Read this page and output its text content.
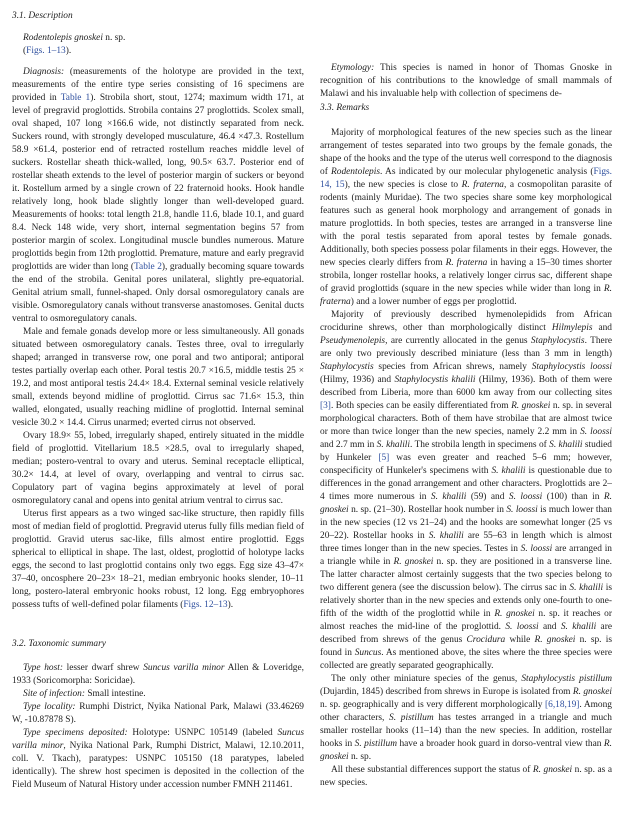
3.1. Description
Rodentolepis gnoskei n. sp.
(Figs. 1–13).
Diagnosis: (measurements of the holotype are provided in the text, measurements of the entire type series consisting of 16 specimens are provided in Table 1). Strobila short, stout, 1274; maximum width 171, at level of pregravid proglottids. Strobila contains 27 proglottids. Scolex small, oval shaped, 107 long ×166.6 wide, not distinctly separated from neck. Suckers round, with strongly developed musculature, 46.4 ×47.3. Rostellum 58.9 ×61.4, posterior end of retracted rostellum reaches middle level of suckers. Rostellar sheath thick-walled, long, 90.5× 63.7. Posterior end of rostellar sheath extends to the level of posterior margin of suckers or beyond it. Rostellum armed by a single crown of 22 fraternoid hooks. Hook handle relatively long, hook blade slightly longer than well-developed guard. Measurements of hooks: total length 21.8, handle 11.6, blade 10.1, and guard 8.4. Neck 148 wide, very short, internal segmentation begins 57 from posterior margin of scolex. Longitudinal muscle bundles numerous. Mature proglottids begin from 12th proglottid. Premature, mature and early pregravid proglottids are wider than long (Table 2), gradually becoming square towards the end of the strobila. Genital pores unilateral, slightly pre-equatorial. Genital atrium small, funnel-shaped. Only dorsal osmoregulatory canals are visible. Osmoregulatory canals without transverse anastomoses. Genital ducts ventral to osmoregulatory canals.
Male and female gonads develop more or less simultaneously. All gonads situated between osmoregulatory canals. Testes three, oval to irregularly shaped; arranged in transverse row, one poral and two antiporal; antiporal testes partially overlap each other. Poral testis 20.7 ×16.5, middle testis 25 × 19.2, and most antiporal testis 24.4× 18.4. External seminal vesicle relatively small, extends beyond midline of proglottid. Cirrus sac 71.6× 15.3, thin walled, elongated, usually reaching midline of proglottid. Internal seminal vesicle 30.2 × 14.4. Cirrus unarmed; everted cirrus not observed.
Ovary 18.9× 55, lobed, irregularly shaped, entirely situated in the middle field of proglottid. Vitellarium 18.5 ×28.5, oval to irregularly shaped, median; postero-ventral to ovary and uterus. Seminal receptacle elliptical, 30.2× 14.4, at level of ovary, overlapping and ventral to cirrus sac. Copulatory part of vagina begins approximately at level of poral osmoregulatory canal and opens into genital atrium ventral to cirrus sac.
Uterus first appears as a two winged sac-like structure, then rapidly fills most of median field of proglottid. Pregravid uterus fully fills median field of proglottid. Gravid uterus sac-like, fills almost entire proglottid. Eggs spherical to elliptical in shape. The last, oldest, proglottid of holotype lacks eggs, the second to last proglottid contains only two eggs. Egg size 43–47× 37–40, oncosphere 20–23× 18–21, median embryonic hooks slender, 10–11 long, postero-lateral embryonic hooks robust, 12 long. Egg embryophores possess tufts of well-defined polar filaments (Figs. 12–13).
3.2. Taxonomic summary
Type host: lesser dwarf shrew Suncus varilla minor Allen & Loveridge, 1933 (Soricomorpha: Soricidae).
Site of infection: Small intestine.
Type locality: Rumphi District, Nyika National Park, Malawi (33.46269 W, -10.87878 S).
Type specimens deposited: Holotype: USNPC 105149 (labeled Suncus varilla minor, Nyika National Park, Rumphi District, Malawi, 12.10.2011, coll. V. Tkach), paratypes: USNPC 105150 (18 paratypes, labeled identically). The shrew host specimen is deposited in the collection of the Field Museum of Natural History under accession number FMNH 211461.
Etymology: This species is named in honor of Thomas Gnoske in recognition of his contributions to the knowledge of small mammals of Malawi and his invaluable help with collection of specimens de-
3.3. Remarks
Majority of morphological features of the new species such as the linear arrangement of testes separated into two groups by the female gonads, the shape of the hooks and the type of the uterus well correspond to the diagnosis of Rodentolepis. As indicated by our molecular phylogenetic analysis (Figs. 14, 15), the new species is close to R. fraterna, a cosmopolitan parasite of rodents (mainly Muridae). The two species share some key morphological features such as general hook morphology and arrangement of gonads in mature proglottids. In both species, testes are arranged in a transverse line with the poral testis separated from aporal testes by female gonads. Additionally, both species possess polar filaments in their eggs. However, the new species clearly differs from R. fraterna in having a 15–30 times shorter strobila, longer rostellar hooks, a relatively longer cirrus sac, different shape of gravid proglottids (square in the new species while wider than long in R. fraterna) and a lower number of eggs per proglottid.
Majority of previously described hymenolepidids from African crocidurine shrews, other than morphologically distinct Hilmylepis and Pseudymenolepis, are currently allocated in the genus Staphylocystis. There are only two previously described miniature (less than 3 mm in length) Staphylocystis species from African shrews, namely Staphylocystis loossi (Hilmy, 1936) and Staphylocystis khalili (Hilmy, 1936). Both of them were described from Liberia, more than 6000 km away from our collecting sites [3]. Both species can be easily differentiated from R. gnoskei n. sp. in several morphological characters. Both of them have strobilae that are almost twice or more than twice longer than the new species, namely 2.2 mm in S. loossi and 2.7 mm in S. khalili. The strobila length in specimens of S. khalili studied by Hunkeler [5] was even greater and reached 5–6 mm; however, conspecificity of Hunkeler's specimens with S. khalili is questionable due to differences in the gonad arrangement and other characters. Proglottids are 2–4 times more numerous in S. khalili (59) and S. loossi (100) than in R. gnoskei n. sp. (21–30). Rostellar hook number in S. loossi is much lower than in the new species (12 vs 21–24) and the hooks are somewhat longer (25 vs 20–22). Rostellar hooks in S. khalili are 55–63 in length which is almost three times longer than in the new species. Testes in S. loossi are arranged in a triangle while in R. gnoskei n. sp. they are positioned in a transverse line. The latter character almost certainly suggests that the two species belong to two different genera (see the discussion below). The cirrus sac in S. khalili is relatively shorter than in the new species and extends only one-fourth to one-fifth of the width of the proglottid while in R. gnoskei n. sp. it reaches or almost reaches the mid-line of the proglottid. S. loossi and S. khalili are described from shrews of the genus Crocidura while R. gnoskei n. sp. is found in Suncus. As mentioned above, the sites where the three species were collected are greatly separated geographically.
The only other miniature species of the genus, Staphylocystis pistillum (Dujardin, 1845) described from shrews in Europe is isolated from R. gnoskei n. sp. geographically and is very different morphologically [6,18,19]. Among other characters, S. pistillum has testes arranged in a triangle and much smaller rostellar hooks (11–14) than the new species. In addition, rostellar hooks in S. pistillum have a broader hook guard in dorso-ventral view than R. gnoskei n. sp.
All these substantial differences support the status of R. gnoskei n. sp. as a new species.
